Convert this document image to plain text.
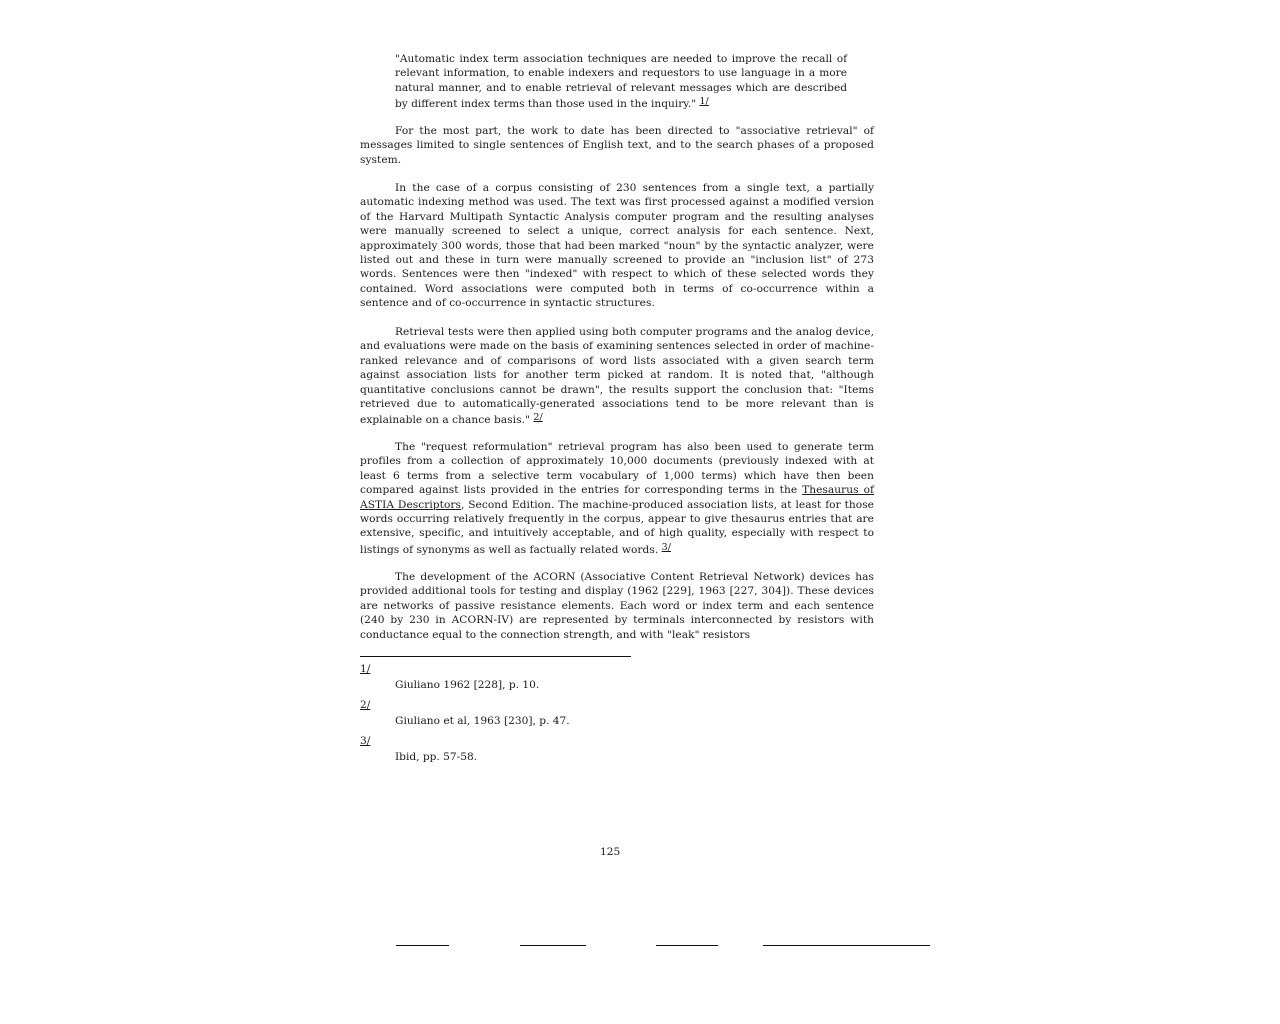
"Automatic index term association techniques are needed to improve the recall of relevant information, to enable indexers and requestors to use language in a more natural manner, and to enable retrieval of relevant messages which are described by different index terms than those used in the inquiry." 1/

For the most part, the work to date has been directed to "associative retrieval" of messages limited to single sentences of English text, and to the search phases of a proposed system.

In the case of a corpus consisting of 230 sentences from a single text, a partially automatic indexing method was used. The text was first processed against a modified version of the Harvard Multipath Syntactic Analysis computer program and the resulting analyses were manually screened to select a unique, correct analysis for each sentence. Next, approximately 300 words, those that had been marked "noun" by the syntactic analyzer, were listed out and these in turn were manually screened to provide an "inclusion list" of 273 words. Sentences were then "indexed" with respect to which of these selected words they contained. Word associations were computed both in terms of co-occurrence within a sentence and of co-occurrence in syntactic structures.

Retrieval tests were then applied using both computer programs and the analog device, and evaluations were made on the basis of examining sentences selected in order of machine-ranked relevance and of comparisons of word lists associated with a given search term against association lists for another term picked at random. It is noted that, "although quantitative conclusions cannot be drawn", the results support the conclusion that: "Items retrieved due to automatically-generated associations tend to be more relevant than is explainable on a chance basis." 2/

The "request reformulation" retrieval program has also been used to generate term profiles from a collection of approximately 10,000 documents (previously indexed with at least 6 terms from a selective term vocabulary of 1,000 terms) which have then been compared against lists provided in the entries for corresponding terms in the Thesaurus of ASTIA Descriptors, Second Edition. The machine-produced association lists, at least for those words occurring relatively frequently in the corpus, appear to give thesaurus entries that are extensive, specific, and intuitively acceptable, and of high quality, especially with respect to listings of synonyms as well as factually related words. 3/

The development of the ACORN (Associative Content Retrieval Network) devices has provided additional tools for testing and display (1962 [229], 1963 [227, 304]). These devices are networks of passive resistance elements. Each word or index term and each sentence (240 by 230 in ACORN-IV) are represented by terminals interconnected by resistors with conductance equal to the connection strength, and with "leak" resistors

1/
Giuliano 1962 [228], p. 10.
2/
Giuliano et al, 1963 [230], p. 47.
3/
Ibid, pp. 57-58.
125
